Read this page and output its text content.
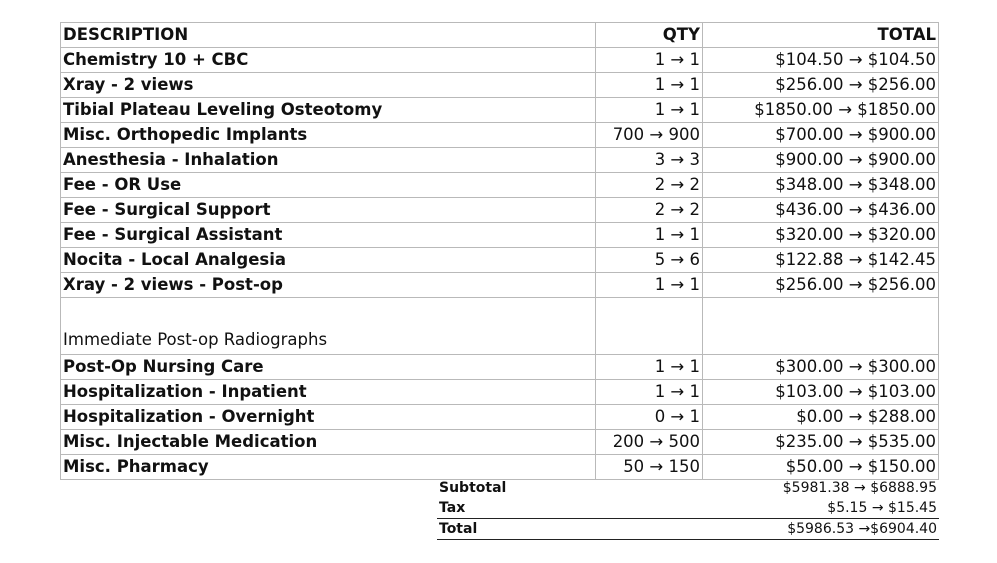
DESCRIPTION	QTY	TOTAL
Chemistry 10 + CBC	1 → 1	$104.50 → $104.50
Xray - 2 views	1 → 1	$256.00 → $256.00
Tibial Plateau Leveling Osteotomy	1 → 1	$1850.00 → $1850.00
Misc. Orthopedic Implants	700 → 900	$700.00 → $900.00
Anesthesia - Inhalation	3 → 3	$900.00 → $900.00
Fee - OR Use	2 → 2	$348.00 → $348.00
Fee - Surgical Support	2 → 2	$436.00 → $436.00
Fee - Surgical Assistant	1 → 1	$320.00 → $320.00
Nocita - Local Analgesia	5 → 6	$122.88 → $142.45
Xray - 2 views - Post-op	1 → 1	$256.00 → $256.00
Immediate Post-op Radiographs		
Post-Op Nursing Care	1 → 1	$300.00 → $300.00
Hospitalization - Inpatient	1 → 1	$103.00 → $103.00
Hospitalization - Overnight	0 → 1	$0.00 → $288.00
Misc. Injectable Medication	200 → 500	$235.00 → $535.00
Misc. Pharmacy	50 → 150	$50.00 → $150.00
Subtotal	$5981.38 → $6888.95
Tax	$5.15 → $15.45
Total	$5986.53 →$6904.40
